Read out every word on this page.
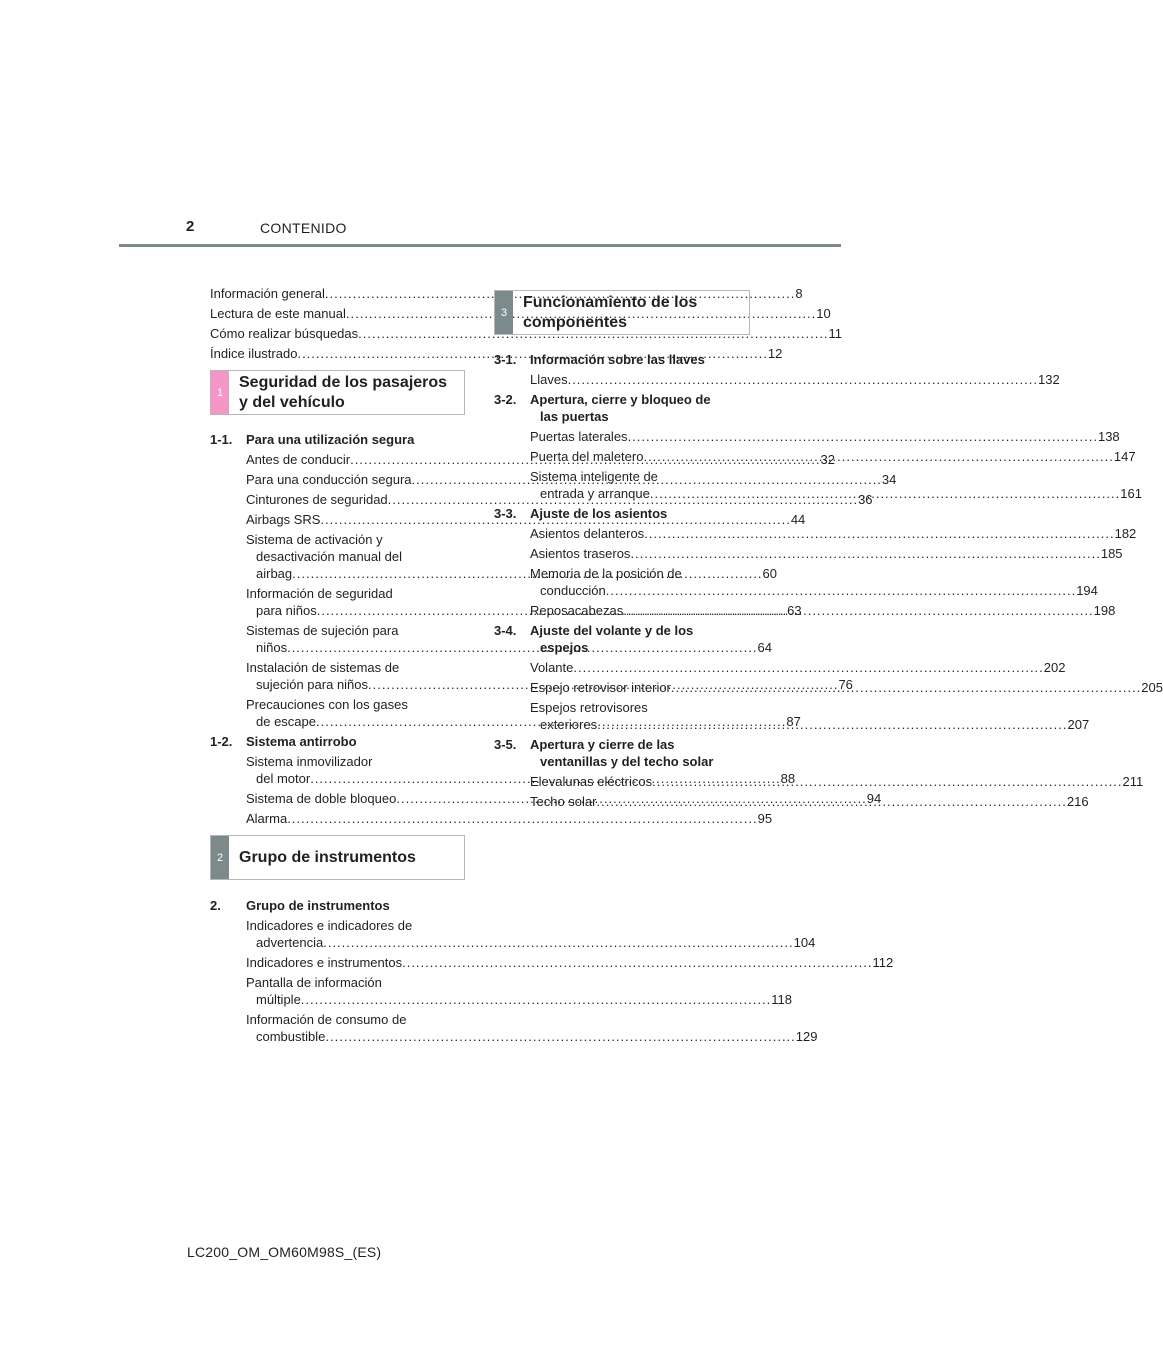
2	CONTENIDO
Información general .....	8
Lectura de este manual .....	10
Cómo realizar búsquedas .....	11
Índice ilustrado .....	12
1
Seguridad de los pasajeros
y del vehículo
1-1.	Para una utilización segura
Antes de conducir .....	32
Para una conducción segura .....	34
Cinturones de seguridad .....	36
Airbags SRS .....	44
Sistema de activación y
desactivación manual del
airbag .....	60
Información de seguridad
para niños .....	63
Sistemas de sujeción para
niños .....	64
Instalación de sistemas de
sujeción para niños .....	76
Precauciones con los gases
de escape .....	87
1-2.	Sistema antirrobo
Sistema inmovilizador
del motor .....	88
Sistema de doble bloqueo .....	94
Alarma .....	95
2 Grupo de instrumentos
2.	Grupo de instrumentos
Indicadores e indicadores de
advertencia .....	104
Indicadores e instrumentos .....	112
Pantalla de información
múltiple .....	118
Información de consumo de
combustible .....	129
3
Funcionamiento de los
componentes
3-1.	Información sobre las llaves
Llaves .....	132
3-2.	Apertura, cierre y bloqueo de
las puertas
Puertas laterales .....	138
Puerta del maletero .....	147
Sistema inteligente de
entrada y arranque .....	161
3-3.	Ajuste de los asientos
Asientos delanteros .....	182
Asientos traseros .....	185
Memoria de la posición de
conducción .....	194
Reposacabezas .....	198
3-4.	Ajuste del volante y de los
espejos
Volante .....	202
Espejo retrovisor interior .....	205
Espejos retrovisores
exteriores .....	207
3-5.	Apertura y cierre de las
ventanillas y del techo solar
Elevalunas eléctricos .....	211
Techo solar .....	216
LC200_OM_OM60M98S_(ES)
